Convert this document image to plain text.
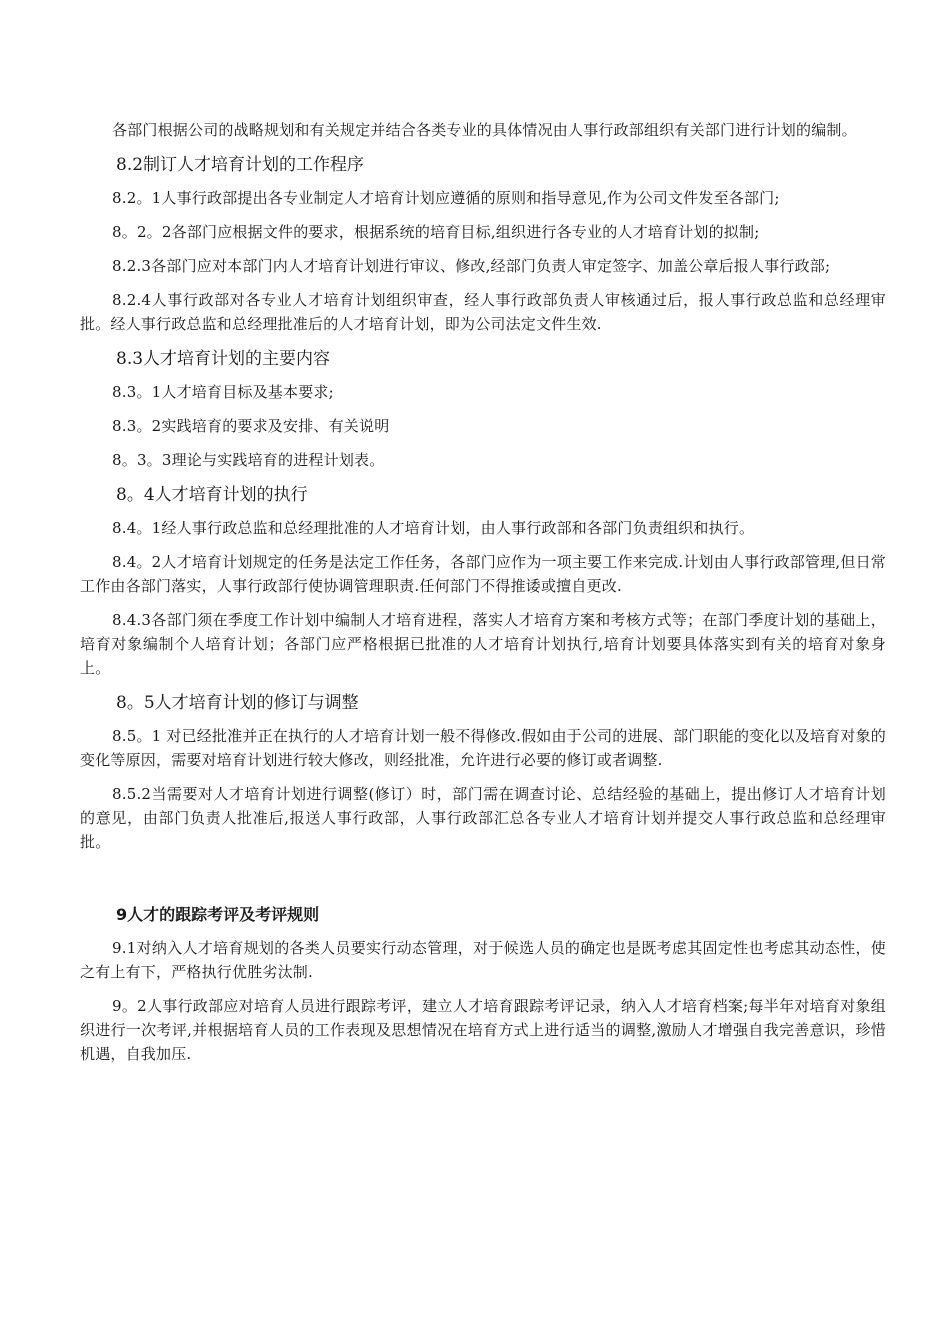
各部门根据公司的战略规划和有关规定并结合各类专业的具体情况由人事行政部组织有关部门进行计划的编制。

8.2制订人才培育计划的工作程序

8.2。1人事行政部提出各专业制定人才培育计划应遵循的原则和指导意见,作为公司文件发至各部门;

8。2。2各部门应根据文件的要求，根据系统的培育目标,组织进行各专业的人才培育计划的拟制;

8.2.3各部门应对本部门内人才培育计划进行审议、修改,经部门负责人审定签字、加盖公章后报人事行政部;

8.2.4人事行政部对各专业人才培育计划组织审查，经人事行政部负责人审核通过后，报人事行政总监和总经理审批。经人事行政总监和总经理批准后的人才培育计划，即为公司法定文件生效.

8.3人才培育计划的主要内容

8.3。1人才培育目标及基本要求;

8.3。2实践培育的要求及安排、有关说明

8。3。3理论与实践培育的进程计划表。

8。4人才培育计划的执行

8.4。1经人事行政总监和总经理批准的人才培育计划，由人事行政部和各部门负责组织和执行。

8.4。2人才培育计划规定的任务是法定工作任务，各部门应作为一项主要工作来完成.计划由人事行政部管理,但日常工作由各部门落实，人事行政部行使协调管理职责.任何部门不得推诿或擅自更改.

8.4.3各部门须在季度工作计划中编制人才培育进程，落实人才培育方案和考核方式等；在部门季度计划的基础上，培育对象编制个人培育计划；各部门应严格根据已批准的人才培育计划执行,培育计划要具体落实到有关的培育对象身上。

8。5人才培育计划的修订与调整

8.5。1 对已经批准并正在执行的人才培育计划一般不得修改.假如由于公司的进展、部门职能的变化以及培育对象的变化等原因，需要对培育计划进行较大修改，则经批准，允许进行必要的修订或者调整.

8.5.2当需要对人才培育计划进行调整(修订）时，部门需在调查讨论、总结经验的基础上，提出修订人才培育计划的意见，由部门负责人批准后,报送人事行政部，人事行政部汇总各专业人才培育计划并提交人事行政总监和总经理审批。

9人才的跟踪考评及考评规则

9.1对纳入人才培育规划的各类人员要实行动态管理，对于候选人员的确定也是既考虑其固定性也考虑其动态性，使之有上有下，严格执行优胜劣汰制.

9。2人事行政部应对培育人员进行跟踪考评，建立人才培育跟踪考评记录，纳入人才培育档案;每半年对培育对象组织进行一次考评,并根据培育人员的工作表现及思想情况在培育方式上进行适当的调整,激励人才增强自我完善意识，珍惜机遇，自我加压.
